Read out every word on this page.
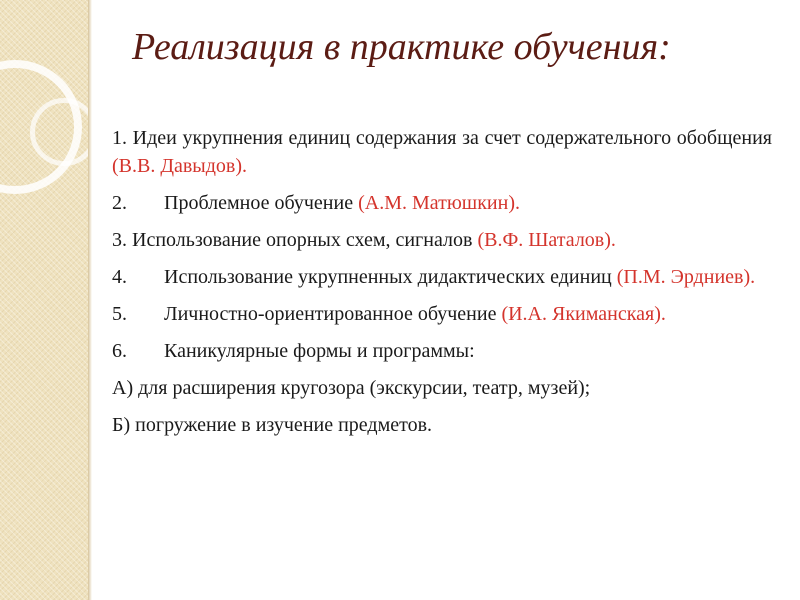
Реализация в практике обучения:

1. Идеи укрупнения единиц содержания за счет содержательного обобщения (В.В. Давыдов).

2. Проблемное обучение (А.М. Матюшкин).

3. Использование опорных схем, сигналов (В.Ф. Шаталов).

4. Использование укрупненных дидактических единиц (П.М. Эрдниев).

5. Личностно-ориентированное обучение (И.А. Якиманская).

6. Каникулярные формы и программы:

А) для расширения кругозора (экскурсии, театр, музей);

Б) погружение в изучение предметов.
